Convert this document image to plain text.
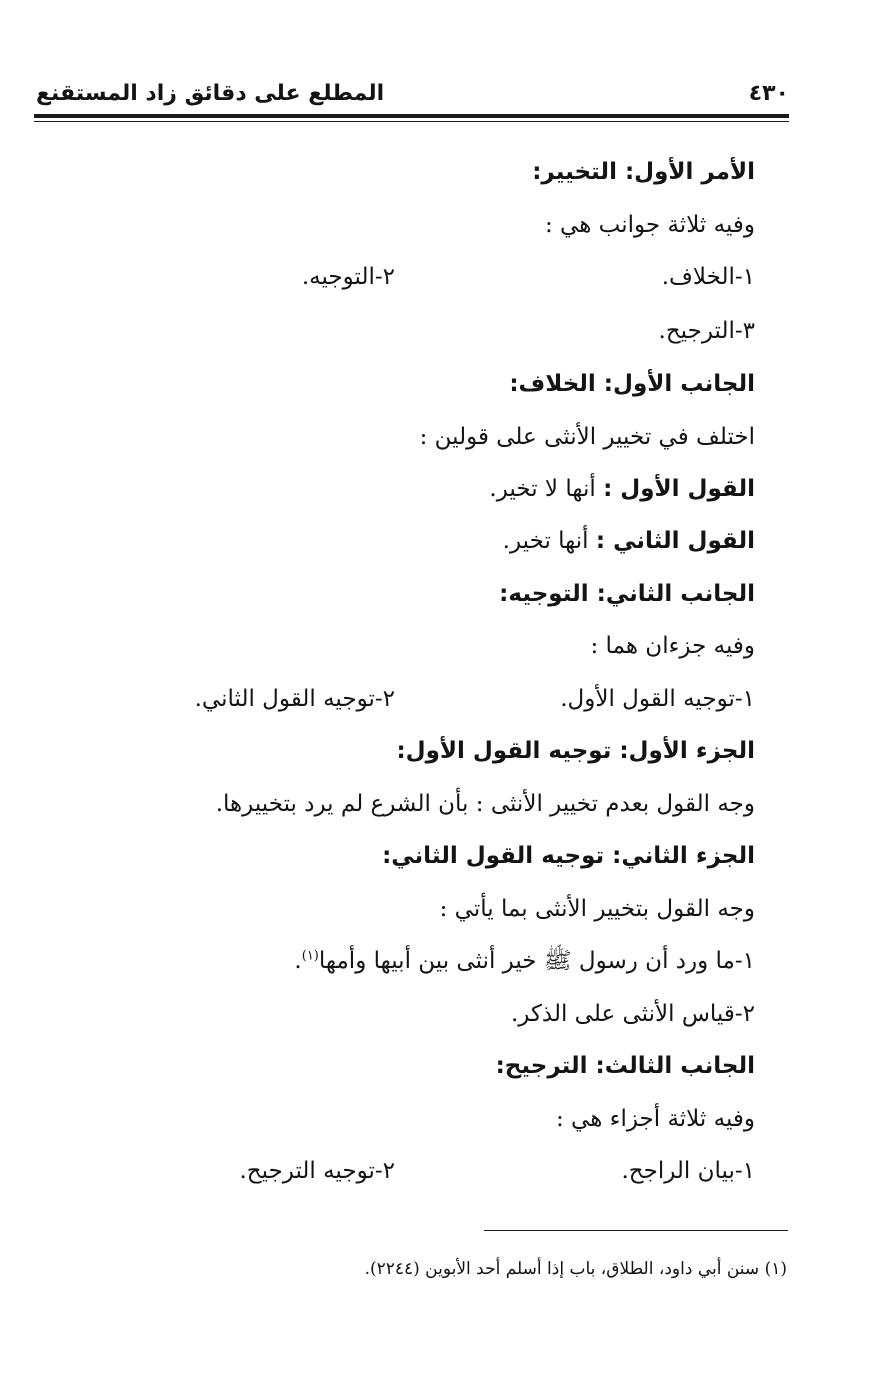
٤٣٠
المطلع على دقائق زاد المستقنع
الأمر الأول: التخيير:
وفيه ثلاثة جوانب هي :
١-الخلاف.
٢-التوجيه.
٣-الترجيح.
الجانب الأول: الخلاف:
اختلف في تخيير الأنثى على قولين :
القول الأول : أنها لا تخير.
القول الثاني : أنها تخير.
الجانب الثاني: التوجيه:
وفيه جزءان هما :
١-توجيه القول الأول.
٢-توجيه القول الثاني.
الجزء الأول: توجيه القول الأول:
وجه القول بعدم تخيير الأنثى : بأن الشرع لم يرد بتخييرها.
الجزء الثاني: توجيه القول الثاني:
وجه القول بتخيير الأنثى بما يأتي :
١-ما ورد أن رسول ﷺ خير أنثى بين أبيها وأمها$^{(١)}$.
٢-قياس الأنثى على الذكر.
الجانب الثالث: الترجيح:
وفيه ثلاثة أجزاء هي :
١-بيان الراجح.
٢-توجيه الترجيح.
(١) سنن أبي داود، الطلاق، باب إذا أسلم أحد الأبوين (٢٢٤٤).
